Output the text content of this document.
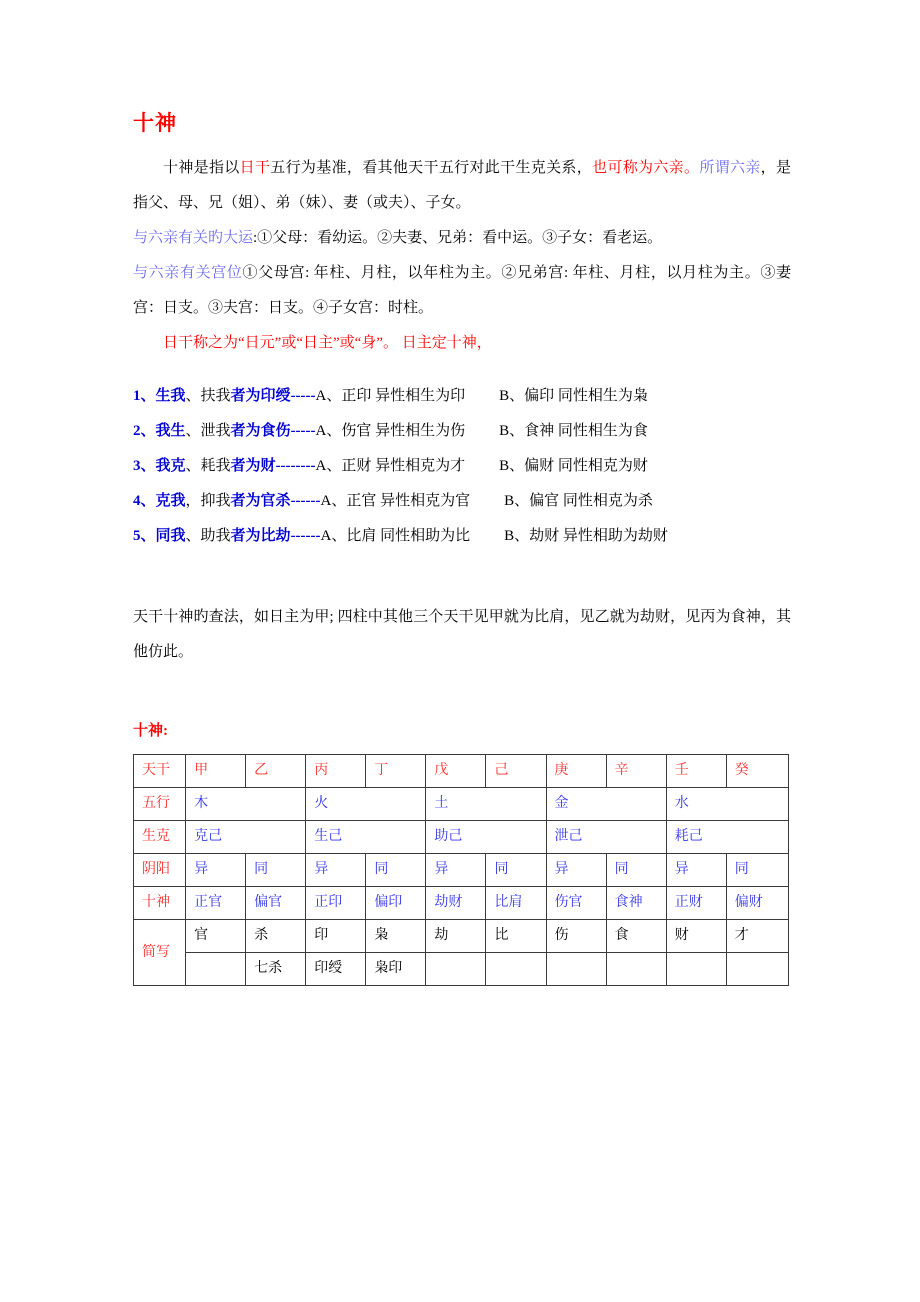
十神

十神是指以日干五行为基准，看其他天干五行对此干生克关系，也可称为六亲。所谓六亲，是指父、母、兄（姐）、弟（妹）、妻（或夫）、子女。

与六亲有关旳大运:①父母：看幼运。②夫妻、兄弟：看中运。③子女：看老运。

与六亲有关宫位①父母宫: 年柱、月柱，以年柱为主。②兄弟宫: 年柱、月柱，以月柱为主。③妻宫：日支。③夫宫：日支。④子女宫：时柱。

日干称之为“日元”或“日主”或“身”。 日主定十神，

1、生我、扶我者为印绶-----A、正印 异性相生为印 B、偏印 同性相生为枭

2、我生、泄我者为食伤-----A、伤官 异性相生为伤 B、食神 同性相生为食

3、我克、耗我者为财--------A、正财 异性相克为才 B、偏财 同性相克为财

4、克我，抑我者为官杀------A、正官 异性相克为官 B、偏官 同性相克为杀

5、同我、助我者为比劫------A、比肩 同性相助为比 B、劫财 异性相助为劫财

天干十神旳查法，如日主为甲; 四柱中其他三个天干见甲就为比肩，见乙就为劫财，见丙为食神，其他仿此。

十神:
天干	甲	乙	丙	丁	戊	己	庚	辛	壬	癸
五行	木		火		土		金		水	
生克	克己		生己		助己		泄己		耗己	
阴阳	异	同	异	同	异	同	异	同	异	同
十神	正官	偏官	正印	偏印	劫财	比肩	伤官	食神	正财	偏财
简写	官	杀	印	枭	劫	比	伤	食	财	才
		七杀	印绶	枭印						
